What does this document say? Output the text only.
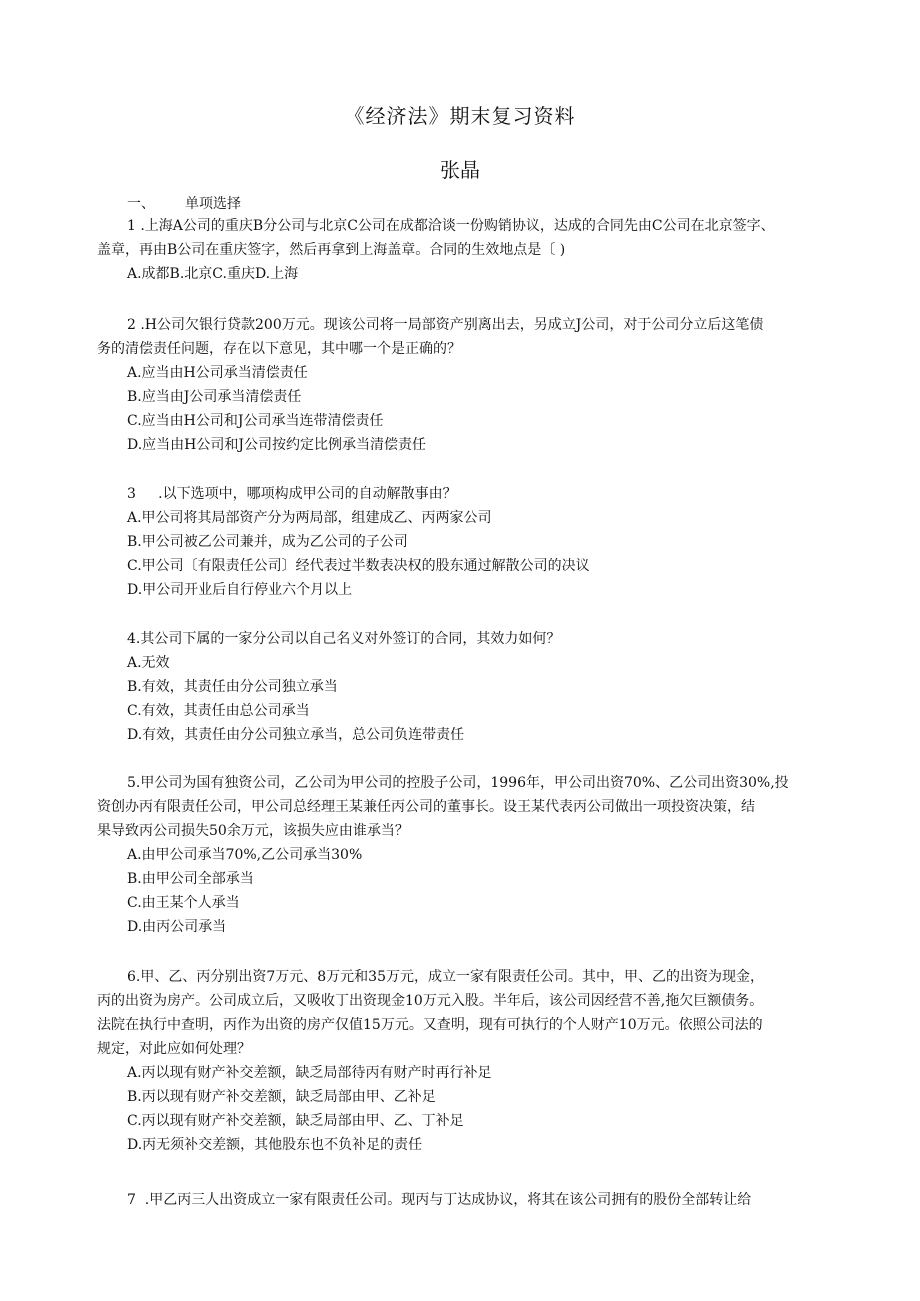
《经济法》期末复习资料
张晶
一、 单项选择
1 .上海A公司的重庆B分公司与北京C公司在成都洽谈一份购销协议，达成的合同先由C公司在北京签字、
盖章，再由B公司在重庆签字，然后再拿到上海盖章。合同的生效地点是〔 )
A.成都B.北京C.重庆D.上海
2 .H公司欠银行贷款200万元。现该公司将一局部资产别离出去，另成立J公司，对于公司分立后这笔债
务的清偿责任问题，存在以下意见，其中哪一个是正确的？
A.应当由H公司承当清偿责任
B.应当由J公司承当清偿责任
C.应当由H公司和J公司承当连带清偿责任
D.应当由H公司和J公司按约定比例承当清偿责任
3     .以下选项中，哪项构成甲公司的自动解散事由？
A.甲公司将其局部资产分为两局部，组建成乙、丙两家公司
B.甲公司被乙公司兼并，成为乙公司的子公司
C.甲公司〔有限责任公司〕经代表过半数表决权的股东通过解散公司的决议
D.甲公司开业后自行停业六个月以上
4.其公司下属的一家分公司以自己名义对外签订的合同，其效力如何？
A.无效
B.有效，其责任由分公司独立承当
C.有效，其责任由总公司承当
D.有效，其责任由分公司独立承当，总公司负连带责任
5.甲公司为国有独资公司，乙公司为甲公司的控股子公司，1996年，甲公司出资70%、乙公司出资30%,投
资创办丙有限责任公司，甲公司总经理王某兼任丙公司的董事长。设王某代表丙公司做出一项投资决策，结
果导致丙公司损失50余万元，该损失应由谁承当？
A.由甲公司承当70%,乙公司承当30%
B.由甲公司全部承当
C.由王某个人承当
D.由丙公司承当
6.甲、乙、丙分别出资7万元、8万元和35万元，成立一家有限责任公司。其中，甲、乙的出资为现金，
丙的出资为房产。公司成立后，又吸收丁出资现金10万元入股。半年后，该公司因经营不善,拖欠巨额债务。
法院在执行中查明，丙作为出资的房产仅值15万元。又查明，现有可执行的个人财产10万元。依照公司法的
规定，对此应如何处理？
A.丙以现有财产补交差额，缺乏局部待丙有财产时再行补足
B.丙以现有财产补交差额，缺乏局部由甲、乙补足
C.丙以现有财产补交差额，缺乏局部由甲、乙、丁补足
D.丙无须补交差额，其他股东也不负补足的责任
7  .甲乙丙三人出资成立一家有限责任公司。现丙与丁达成协议，将其在该公司拥有的股份全部转让给
